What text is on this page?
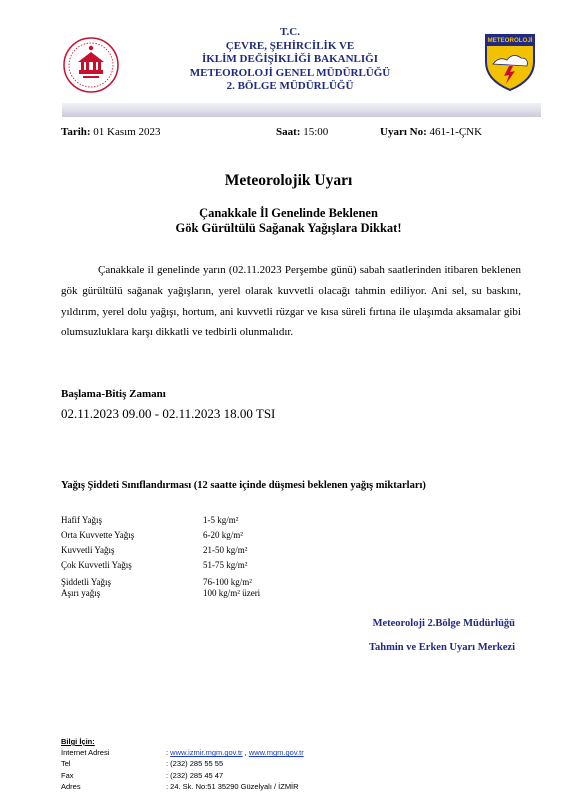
T.C.
ÇEVRE, ŞEHİRCİLİK VE
İKLİM DEĞİŞİKLİĞİ BAKANLIĞI
METEOROLOJİ GENEL MÜDÜRLÜĞÜ
2. BÖLGE MÜDÜRLÜĞÜ
METEOROLOJİ
Tarih: 01 Kasım 2023	Saat: 15:00	Uyarı No: 461-1-ÇNK
Meteorolojik Uyarı
Çanakkale İl Genelinde Beklenen
Gök Gürültülü Sağanak Yağışlara Dikkat!
Çanakkale il genelinde yarın (02.11.2023 Perşembe günü) sabah saatlerinden itibaren beklenen gök gürültülü sağanak yağışların, yerel olarak kuvvetli olacağı tahmin ediliyor. Ani sel, su baskını, yıldırım, yerel dolu yağışı, hortum, ani kuvvetli rüzgar ve kısa süreli fırtına ile ulaşımda aksamalar gibi olumsuzluklara karşı dikkatli ve tedbirli olunmalıdır.
Başlama-Bitiş Zamanı
02.11.2023 09.00 - 02.11.2023 18.00 TSI
Yağış Şiddeti Sınıflandırması (12 saatte içinde düşmesi beklenen yağış miktarları)
Hafif Yağış	1-5 kg/m²
Orta Kuvvette Yağış	6-20 kg/m²
Kuvvetli Yağış	21-50 kg/m²
Çok Kuvvetli Yağış	51-75 kg/m²
Şiddetli Yağış	76-100 kg/m²
Aşırı yağış	100 kg/m² üzeri
Meteoroloji 2.Bölge Müdürlüğü
Tahmin ve Erken Uyarı Merkezi
Bilgi İçin:
İnternet Adresi	: www.izmir.mgm.gov.tr , www.mgm.gov.tr
Tel	: (232) 285 55 55
Fax	: (232) 285 45 47
Adres	: 24. Sk. No:51 35290 Güzelyalı / İZMİR
